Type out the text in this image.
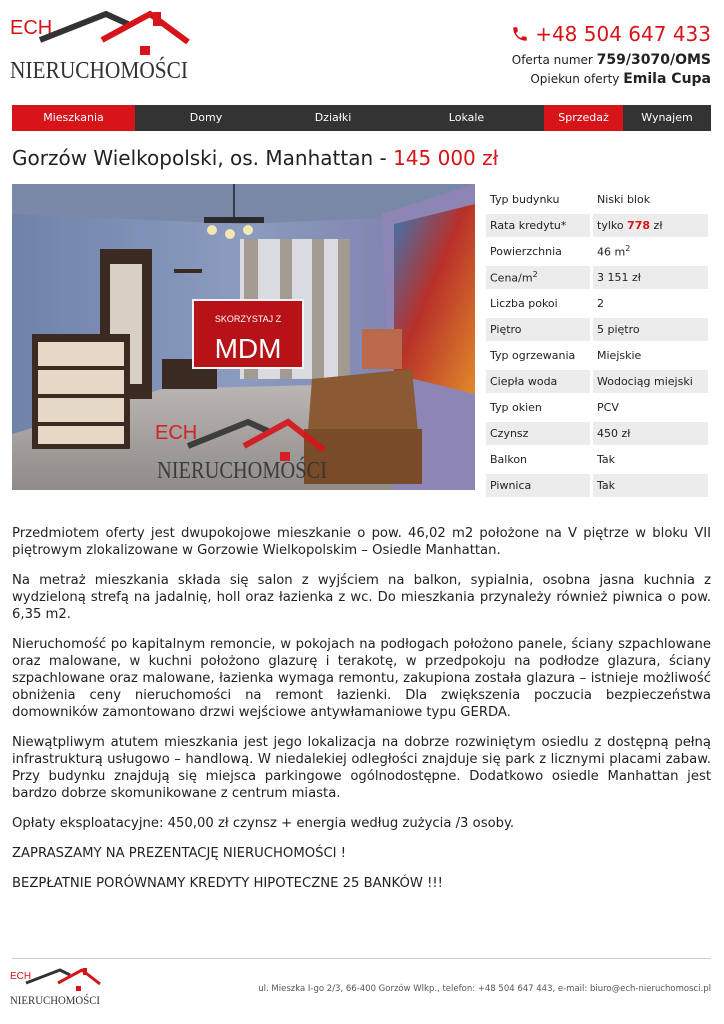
ECH
NIERUCHOMOŚCI
+48 504 647 433
Oferta numer 759/3070/OMS
Opiekun oferty Emila Cupa
Mieszkania	Domy	Działki	Lokale	Sprzedaż	Wynajem
Gorzów Wielkopolski, os. Manhattan - 145 000 zł
SKORZYSTAJ Z
MDM
ECH
NIERUCHOMOŚCI
Typ budynku	Niski blok
Rata kredytu*	tylko 778 zł
Powierzchnia	46 $m^2$
Cena/$m^2$	3 151 zł
Liczba pokoi	2
Piętro	5 piętro
Typ ogrzewania	Miejskie
Ciepła woda	Wodociąg miejski
Typ okien	PCV
Czynsz	450 zł
Balkon	Tak
Piwnica	Tak

Przedmiotem oferty jest dwupokojowe mieszkanie o pow. 46,02 m2 położone na V piętrze w bloku VII piętrowym zlokalizowane w Gorzowie Wielkopolskim – Osiedle Manhattan.

Na metraż mieszkania składa się salon z wyjściem na balkon, sypialnia, osobna jasna kuchnia z wydzieloną strefą na jadalnię, holl oraz łazienka z wc. Do mieszkania przynależy również piwnica o pow. 6,35 m2.

Nieruchomość po kapitalnym remoncie, w pokojach na podłogach położono panele, ściany szpachlowane oraz malowane, w kuchni położono glazurę i terakotę, w przedpokoju na podłodze glazura, ściany szpachlowane oraz malowane, łazienka wymaga remontu, zakupiona została glazura – istnieje możliwość obniżenia ceny nieruchomości na remont łazienki. Dla zwiększenia poczucia bezpieczeństwa domowników zamontowano drzwi wejściowe antywłamaniowe typu GERDA.

Niewątpliwym atutem mieszkania jest jego lokalizacja na dobrze rozwiniętym osiedlu z dostępną pełną infrastrukturą usługowo – handlową. W niedalekiej odległości znajduje się park z licznymi placami zabaw. Przy budynku znajdują się miejsca parkingowe ogólnodostępne. Dodatkowo osiedle Manhattan jest bardzo dobrze skomunikowane z centrum miasta.

Opłaty eksploatacyjne: 450,00 zł czynsz + energia według zużycia /3 osoby.

ZAPRASZAMY NA PREZENTACJĘ NIERUCHOMOŚCI !

BEZPŁATNIE PORÓWNAMY KREDYTY HIPOTECZNE 25 BANKÓW !!!

ECH
NIERUCHOMOŚCI
ul. Mieszka I-go 2/3, 66-400 Gorzów Wlkp., telefon: +48 504 647 443, e-mail: biuro@ech-nieruchomosci.pl
